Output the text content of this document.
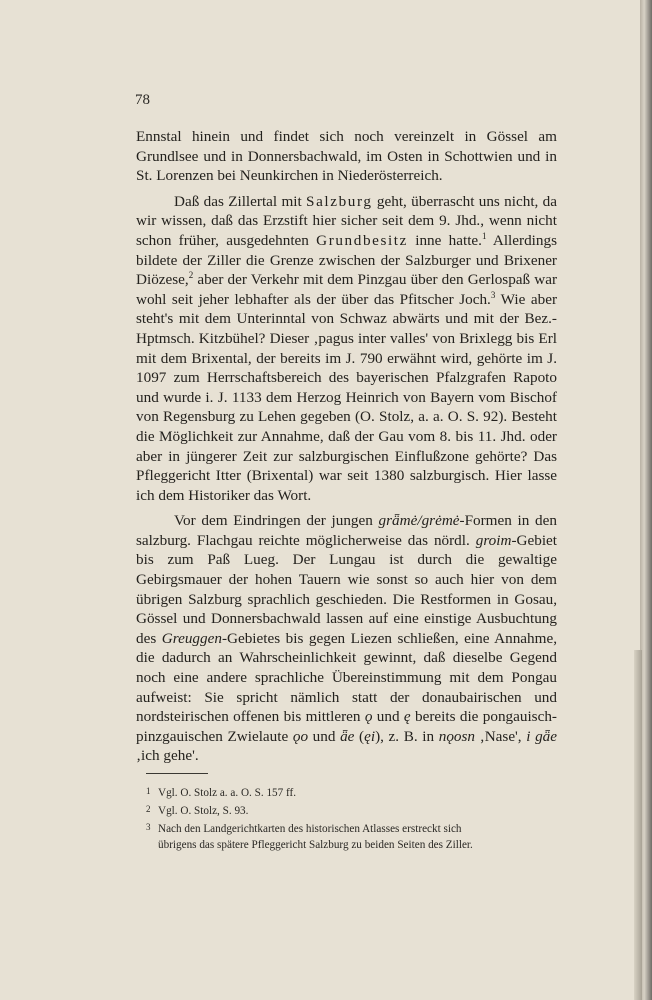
78

Ennstal hinein und findet sich noch vereinzelt in Gössel am Grundlsee und in Donnersbachwald, im Osten in Schottwien und in St. Lorenzen bei Neunkirchen in Niederösterreich.

Daß das Zillertal mit Salzburg geht, überrascht uns nicht, da wir wissen, daß das Erzstift hier sicher seit dem 9. Jhd., wenn nicht schon früher, ausgedehnten Grundbesitz inne hatte.$^1$ Allerdings bildete der Ziller die Grenze zwischen der Salzburger und Brixener Diözese,$^2$ aber der Verkehr mit dem Pinzgau über den Gerlospaß war wohl seit jeher lebhafter als der über das Pfitscher Joch.$^3$ Wie aber steht's mit dem Unterinntal von Schwaz abwärts und mit der Bez.-Hptmsch. Kitzbühel? Dieser ‚pagus inter valles' von Brixlegg bis Erl mit dem Brixental, der bereits im J. 790 erwähnt wird, gehörte im J. 1097 zum Herrschaftsbereich des bayerischen Pfalzgrafen Rapoto und wurde i. J. 1133 dem Herzog Heinrich von Bayern vom Bischof von Regensburg zu Lehen gegeben (O. Stolz, a. a. O. S. 92). Besteht die Möglichkeit zur Annahme, daß der Gau vom 8. bis 11. Jhd. oder aber in jüngerer Zeit zur salzburgischen Einflußzone gehörte? Das Pfleggericht Itter (Brixental) war seit 1380 salzburgisch. Hier lasse ich dem Historiker das Wort.

Vor dem Eindringen der jungen grǟmė/grėmė-Formen in den salzburg. Flachgau reichte möglicherweise das nördl. groim-Gebiet bis zum Paß Lueg. Der Lungau ist durch die gewaltige Gebirgsmauer der hohen Tauern wie sonst so auch hier von dem übrigen Salzburg sprachlich geschieden. Die Restformen in Gosau, Gössel und Donnersbachwald lassen auf eine einstige Ausbuchtung des Greuggen-Gebietes bis gegen Liezen schließen, eine Annahme, die dadurch an Wahrscheinlichkeit gewinnt, daß dieselbe Gegend noch eine andere sprachliche Übereinstimmung mit dem Pongau aufweist: Sie spricht nämlich statt der donaubairischen und nordsteirischen offenen bis mittleren ǫ und ę bereits die pongauisch-pinzgauischen Zwielaute ǫo und ǟe (ęi), z. B. in nǫosn ‚Nase', i gǟe ‚ich gehe'.

1 Vgl. O. Stolz a. a. O. S. 157 ff.
2 Vgl. O. Stolz, S. 93.
3 Nach den Landgerichtkarten des historischen Atlasses erstreckt sich
übrigens das spätere Pfleggericht Salzburg zu beiden Seiten des Ziller.
